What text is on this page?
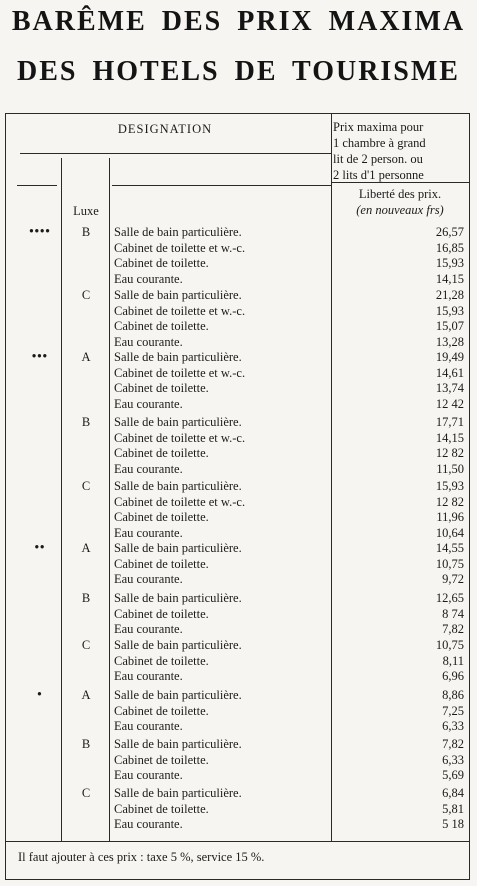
BARÊME DES PRIX MAXIMA
DES HOTELS DE TOURISME
DESIGNATION	Prix maxima pour
1 chambre à grand
lit de 2 person. ou
2 lits d'1 personne
Liberté des prix.
(en nouveaux frs)
Luxe
••••	B	Salle de bain particulière.	26,57
Cabinet de toilette et w.-c.	16,85
Cabinet de toilette.	15,93
Eau courante.	14,15
C	Salle de bain particulière.	21,28
Cabinet de toilette et w.-c.	15,93
Cabinet de toilette.	15,07
Eau courante.	13,28
•••	A	Salle de bain particulière.	19,49
Cabinet de toilette et w.-c.	14,61
Cabinet de toilette.	13,74
Eau courante.	12 42
B	Salle de bain particulière.	17,71
Cabinet de toilette et w.-c.	14,15
Cabinet de toilette.	12 82
Eau courante.	11,50
C	Salle de bain particulière.	15,93
Cabinet de toilette et w.-c.	12 82
Cabinet de toilette.	11,96
Eau courante.	10,64
••	A	Salle de bain particulière.	14,55
Cabinet de toilette.	10,75
Eau courante.	9,72
B	Salle de bain particulière.	12,65
Cabinet de toilette.	8 74
Eau courante.	7,82
C	Salle de bain particulière.	10,75
Cabinet de toilette.	8,11
Eau courante.	6,96
•	A	Salle de bain particulière.	8,86
Cabinet de toilette.	7,25
Eau courante.	6,33
B	Salle de bain particulière.	7,82
Cabinet de toilette.	6,33
Eau courante.	5,69
C	Salle de bain particulière.	6,84
Cabinet de toilette.	5,81
Eau courante.	5 18
Il faut ajouter à ces prix : taxe 5 %, service 15 %.
